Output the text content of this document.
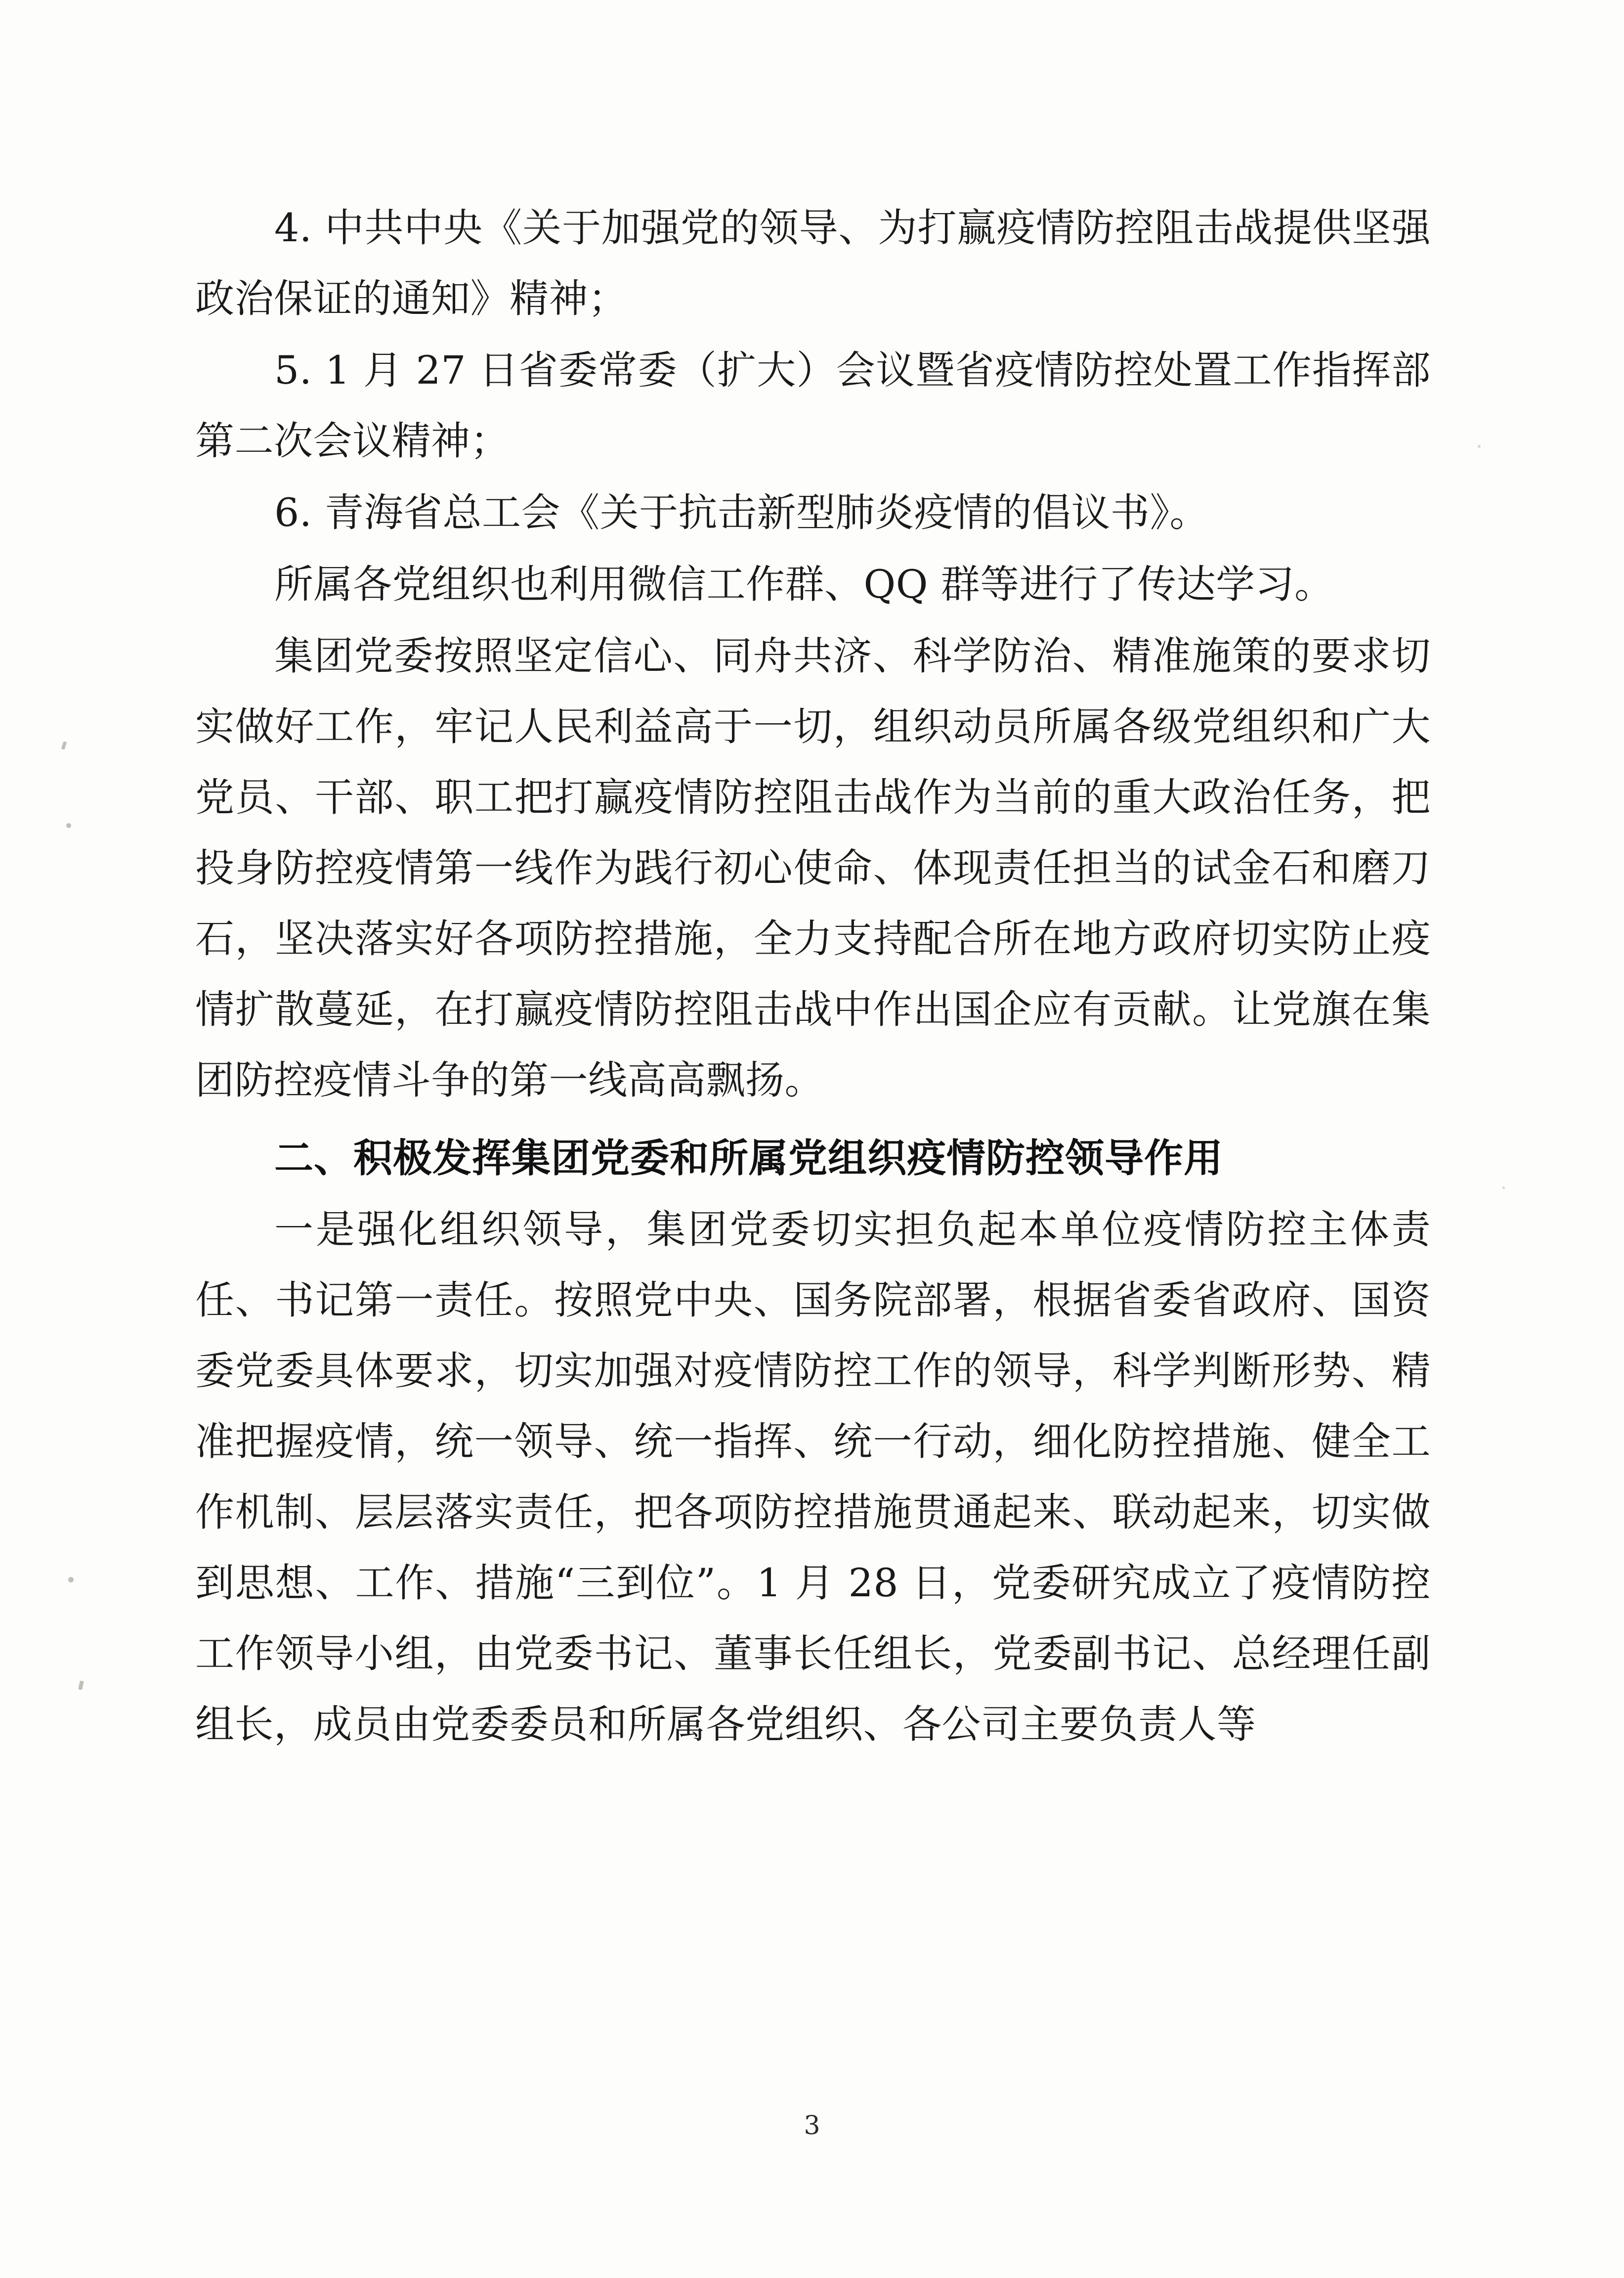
4. 中共中央《关于加强党的领导、为打赢疫情防控阻击战提供坚强政治保证的通知》精神；

5. 1 月 27 日省委常委（扩大）会议暨省疫情防控处置工作指挥部第二次会议精神；

6. 青海省总工会《关于抗击新型肺炎疫情的倡议书》。

所属各党组织也利用微信工作群、QQ 群等进行了传达学习。

集团党委按照坚定信心、同舟共济、科学防治、精准施策的要求切实做好工作，牢记人民利益高于一切，组织动员所属各级党组织和广大党员、干部、职工把打赢疫情防控阻击战作为当前的重大政治任务，把投身防控疫情第一线作为践行初心使命、体现责任担当的试金石和磨刀石，坚决落实好各项防控措施，全力支持配合所在地方政府切实防止疫情扩散蔓延，在打赢疫情防控阻击战中作出国企应有贡献。让党旗在集团防控疫情斗争的第一线高高飘扬。

二、积极发挥集团党委和所属党组织疫情防控领导作用

一是强化组织领导，集团党委切实担负起本单位疫情防控主体责任、书记第一责任。按照党中央、国务院部署，根据省委省政府、国资委党委具体要求，切实加强对疫情防控工作的领导，科学判断形势、精准把握疫情，统一领导、统一指挥、统一行动，细化防控措施、健全工作机制、层层落实责任，把各项防控措施贯通起来、联动起来，切实做到思想、工作、措施“三到位”。1 月 28 日，党委研究成立了疫情防控工作领导小组，由党委书记、董事长任组长，党委副书记、总经理任副组长，成员由党委委员和所属各党组织、各公司主要负责人等

3
